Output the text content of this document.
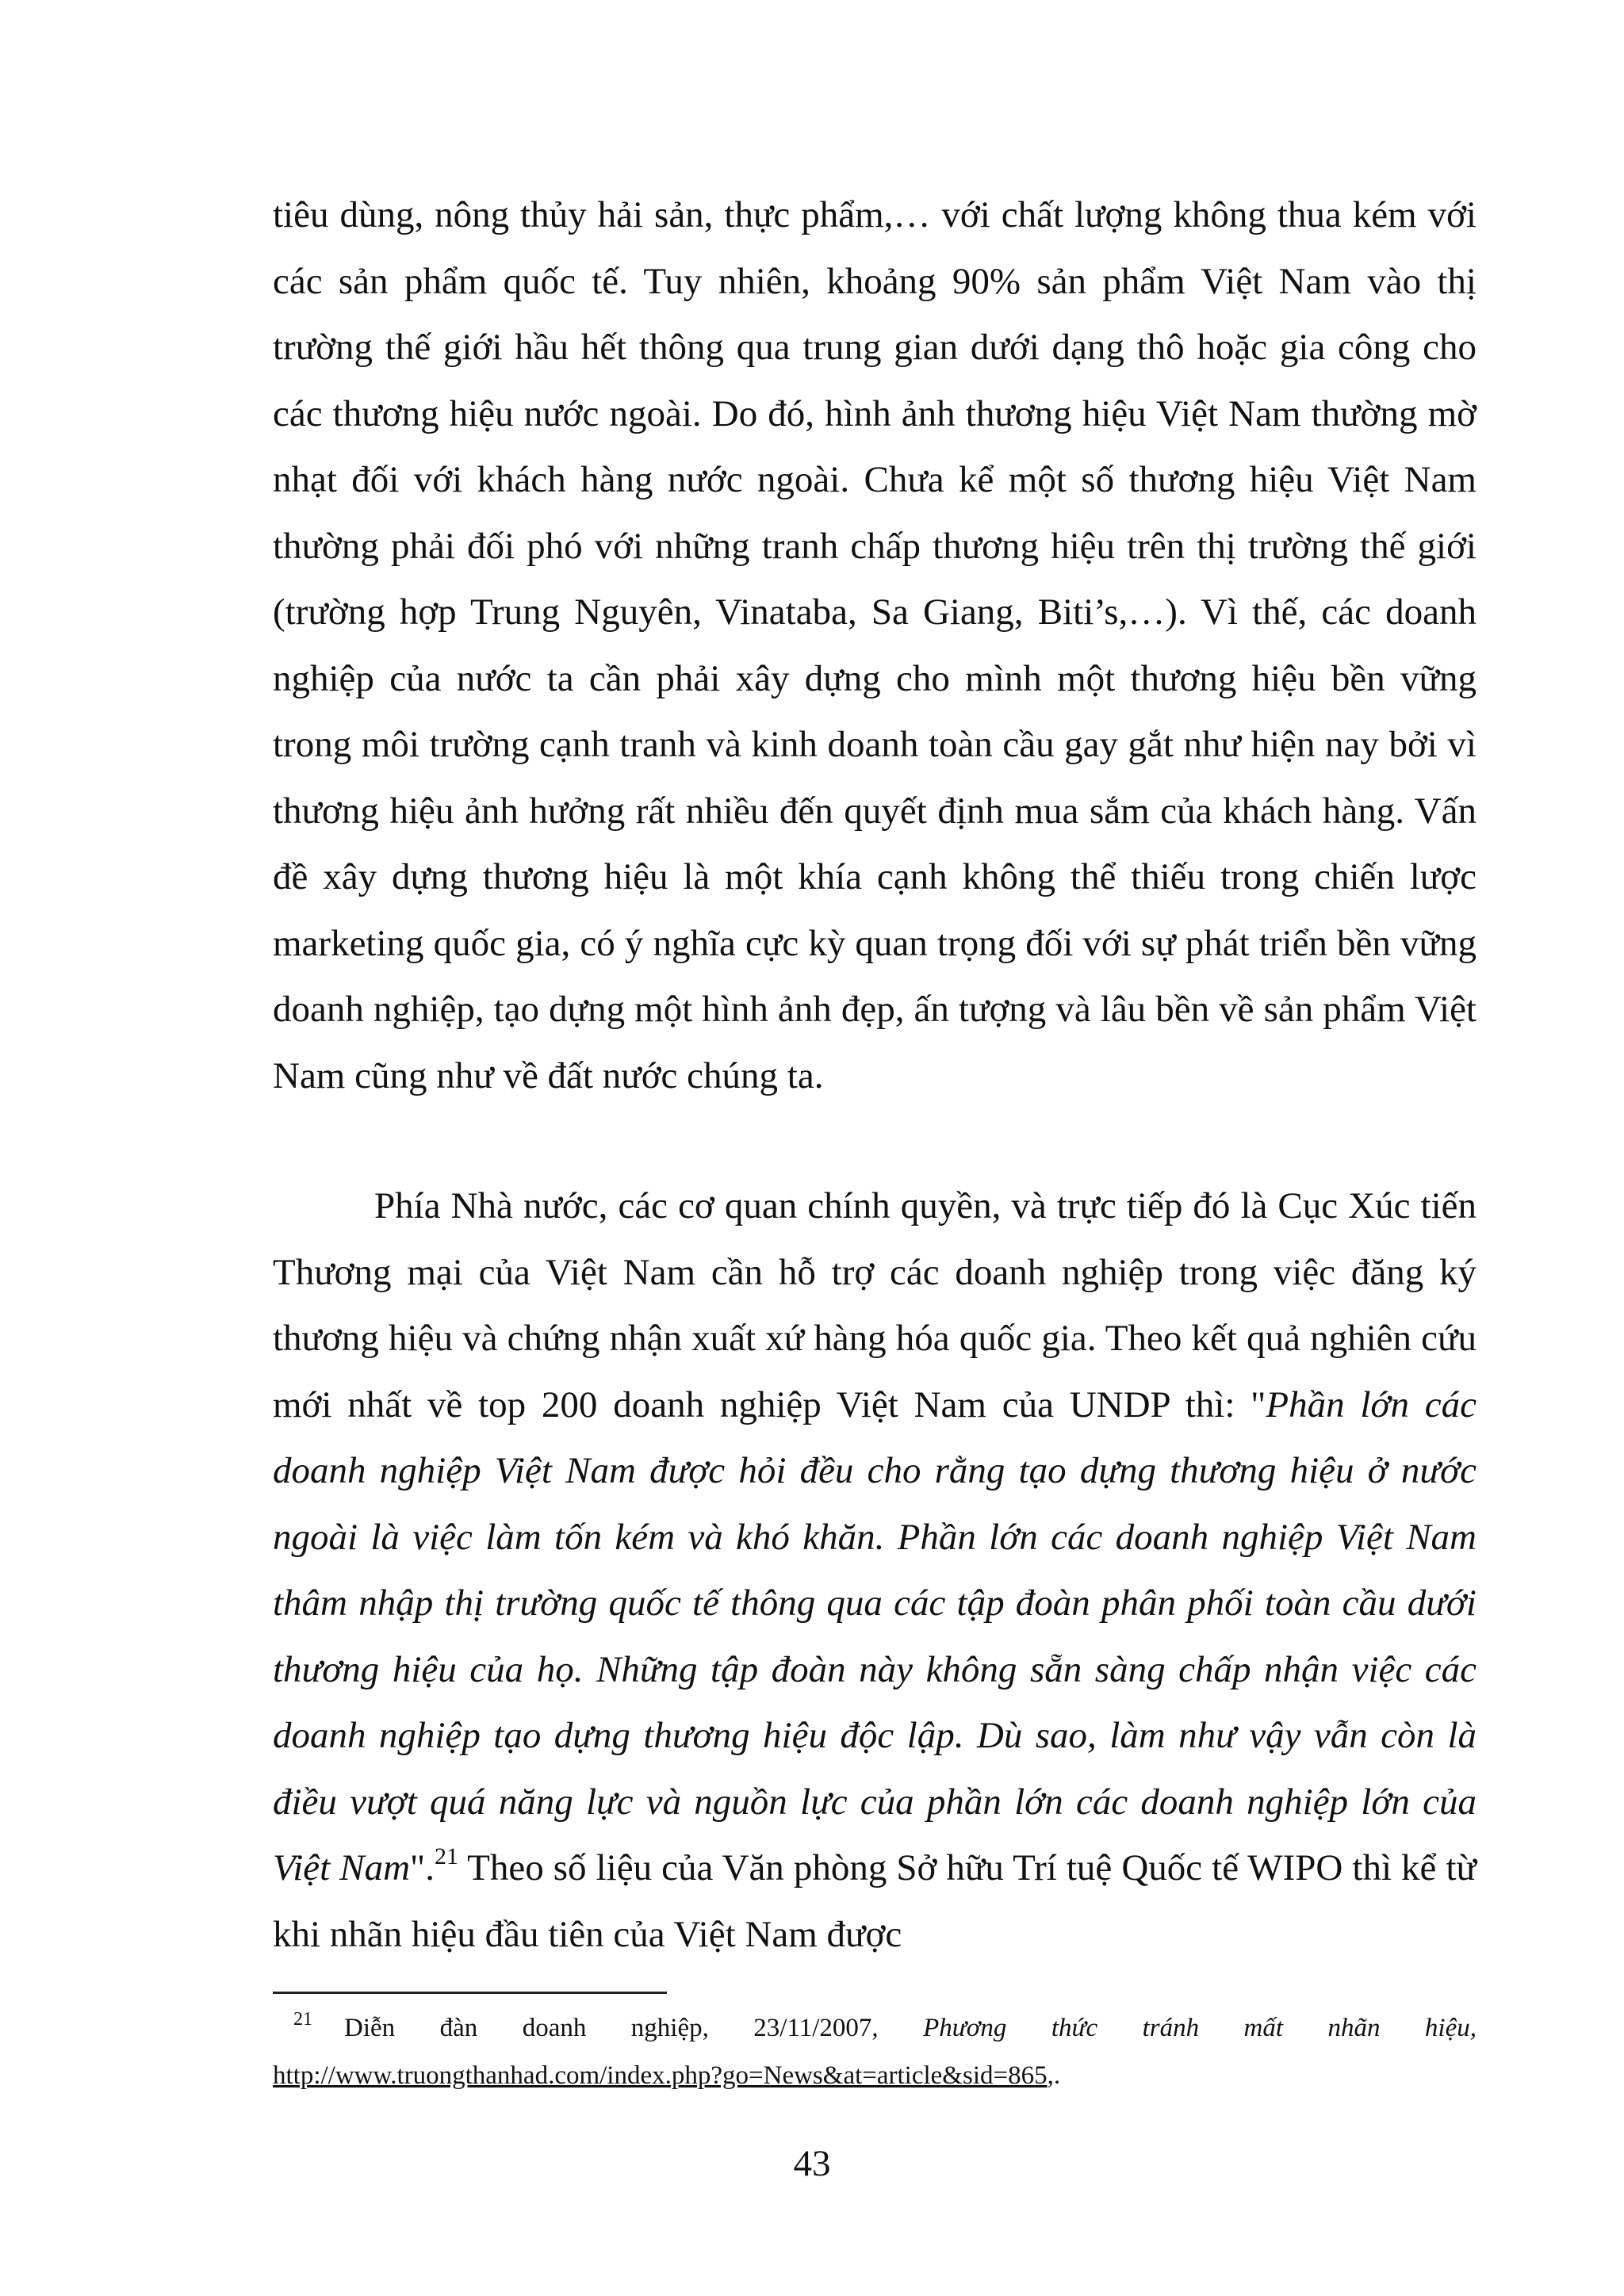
tiêu dùng, nông thủy hải sản, thực phẩm,… với chất lượng không thua kém với các sản phẩm quốc tế. Tuy nhiên, khoảng 90% sản phẩm Việt Nam vào thị trường thế giới hầu hết thông qua trung gian dưới dạng thô hoặc gia công cho các thương hiệu nước ngoài. Do đó, hình ảnh thương hiệu Việt Nam thường mờ nhạt đối với khách hàng nước ngoài. Chưa kể một số thương hiệu Việt Nam thường phải đối phó với những tranh chấp thương hiệu trên thị trường thế giới (trường hợp Trung Nguyên, Vinataba, Sa Giang, Biti’s,…). Vì thế, các doanh nghiệp của nước ta cần phải xây dựng cho mình một thương hiệu bền vững trong môi trường cạnh tranh và kinh doanh toàn cầu gay gắt như hiện nay bởi vì thương hiệu ảnh hưởng rất nhiều đến quyết định mua sắm của khách hàng. Vấn đề xây dựng thương hiệu là một khía cạnh không thể thiếu trong chiến lược marketing quốc gia, có ý nghĩa cực kỳ quan trọng đối với sự phát triển bền vững doanh nghiệp, tạo dựng một hình ảnh đẹp, ấn tượng và lâu bền về sản phẩm Việt Nam cũng như về đất nước chúng ta.

Phía Nhà nước, các cơ quan chính quyền, và trực tiếp đó là Cục Xúc tiến Thương mại của Việt Nam cần hỗ trợ các doanh nghiệp trong việc đăng ký thương hiệu và chứng nhận xuất xứ hàng hóa quốc gia. Theo kết quả nghiên cứu mới nhất về top 200 doanh nghiệp Việt Nam của UNDP thì: "Phần lớn các doanh nghiệp Việt Nam được hỏi đều cho rằng tạo dựng thương hiệu ở nước ngoài là việc làm tốn kém và khó khăn. Phần lớn các doanh nghiệp Việt Nam thâm nhập thị trường quốc tế thông qua các tập đoàn phân phối toàn cầu dưới thương hiệu của họ. Những tập đoàn này không sẵn sàng chấp nhận việc các doanh nghiệp tạo dựng thương hiệu độc lập. Dù sao, làm như vậy vẫn còn là điều vượt quá năng lực và nguồn lực của phần lớn các doanh nghiệp lớn của Việt Nam".$^{21}$ Theo số liệu của Văn phòng Sở hữu Trí tuệ Quốc tế WIPO thì kể từ khi nhãn hiệu đầu tiên của Việt Nam được

$^{21}$ Diễn đàn doanh nghiệp, 23/11/2007, Phương thức tránh mất nhãn hiệu,
http://www.truongthanhad.com/index.php?go=News&at=article&sid=865,.

43
